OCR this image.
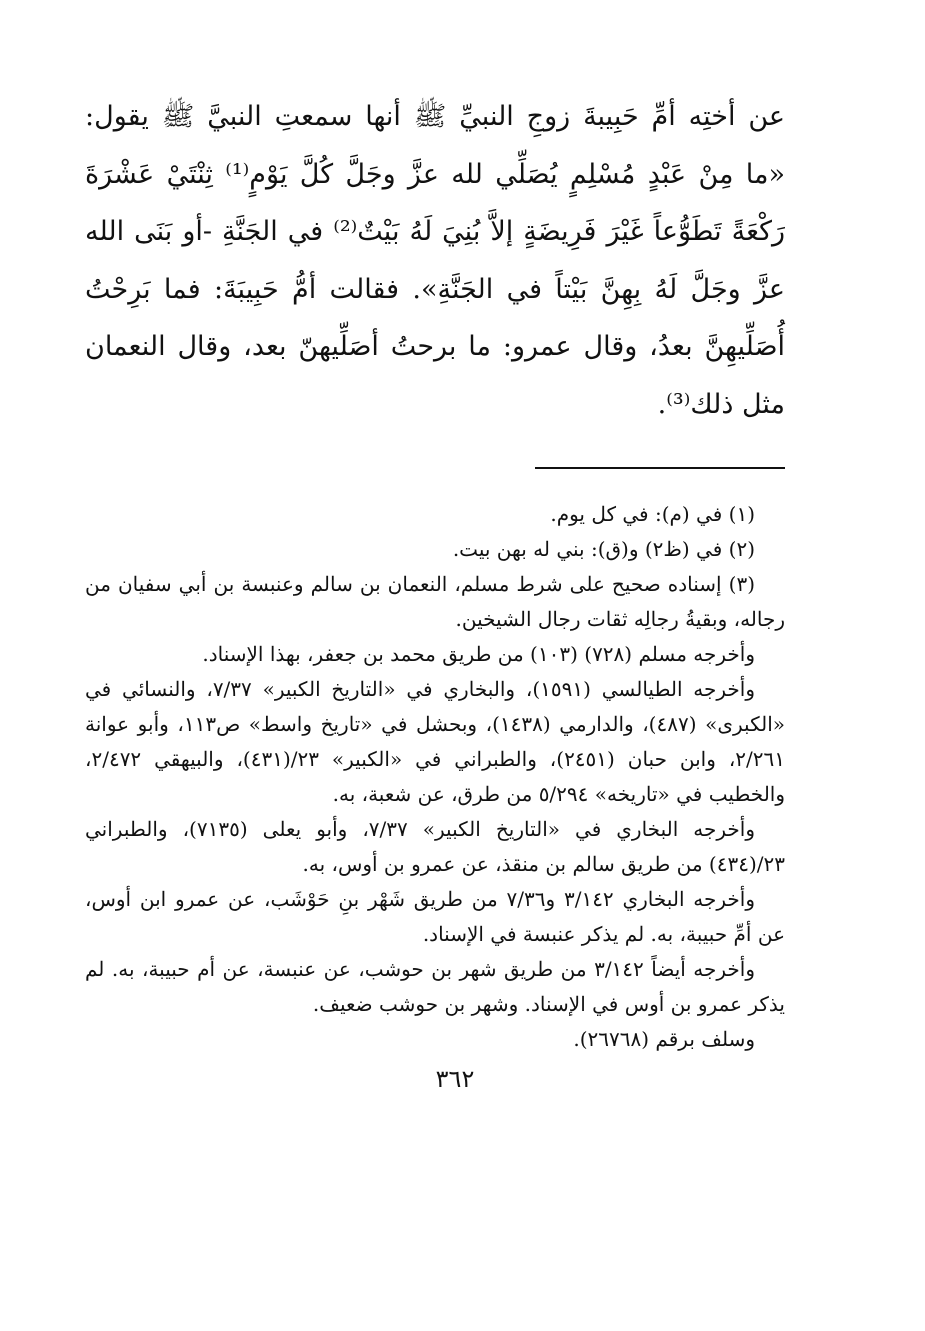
عن أختِه أمِّ حَبِيبةَ زوجِ النبيِّ ﷺ أنها سمعتِ النبيَّ ﷺ يقول: «ما مِنْ عَبْدٍ مُسْلِمٍ يُصَلِّي لله عزَّ وجَلَّ كُلَّ يَوْمٍ⁽¹⁾ ثِنْتَيْ عَشْرَةَ رَكْعَةً تَطَوُّعاً غَيْرَ فَرِيضَةٍ إلاَّ بُنِيَ لَهُ بَيْتٌ⁽²⁾ في الجَنَّةِ -أو بَنَى الله عزَّ وجَلَّ لَهُ بِهِنَّ بَيْتاً في الجَنَّةِ». فقالت أمُّ حَبِيبَةَ: فما بَرِحْتُ أُصَلِّيهِنَّ بعدُ، وقال عمرو: ما برحتُ أصَلِّيهنّ بعد، وقال النعمان مثل ذلك⁽³⁾.

(١) في (م): في كل يوم.

(٢) في (ظ٢) و(ق): بني له بهن بيت.

(٣) إسناده صحيح على شرط مسلم، النعمان بن سالم وعنبسة بن أبي سفيان من رجاله، وبقيةُ رجالِه ثقات رجال الشيخين.

وأخرجه مسلم (٧٢٨) (١٠٣) من طريق محمد بن جعفر، بهذا الإسناد.

وأخرجه الطيالسي (١٥٩١)، والبخاري في «التاريخ الكبير» ٧/٣٧، والنسائي في «الكبرى» (٤٨٧)، والدارمي (١٤٣٨)، وبحشل في «تاريخ واسط» ص١١٣، وأبو عوانة ٢/٢٦١، وابن حبان (٢٤٥١)، والطبراني في «الكبير» ٢٣/(٤٣١)، والبيهقي ٢/٤٧٢، والخطيب في «تاريخه» ٥/٢٩٤ من طرق، عن شعبة، به.

وأخرجه البخاري في «التاريخ الكبير» ٧/٣٧، وأبو يعلى (٧١٣٥)، والطبراني ٢٣/(٤٣٤) من طريق سالم بن منقذ، عن عمرو بن أوس، به.

وأخرجه البخاري ٣/١٤٢ و٧/٣٦ من طريق شَهْر بنِ حَوْشَب، عن عمرو ابن أوس، عن أمِّ حبيبة، به. لم يذكر عنبسة في الإسناد.

وأخرجه أيضاً ٣/١٤٢ من طريق شهر بن حوشب، عن عنبسة، عن أم حبيبة، به. لم يذكر عمرو بن أوس في الإسناد. وشهر بن حوشب ضعيف.

وسلف برقم (٢٦٧٦٨).

٣٦٢
